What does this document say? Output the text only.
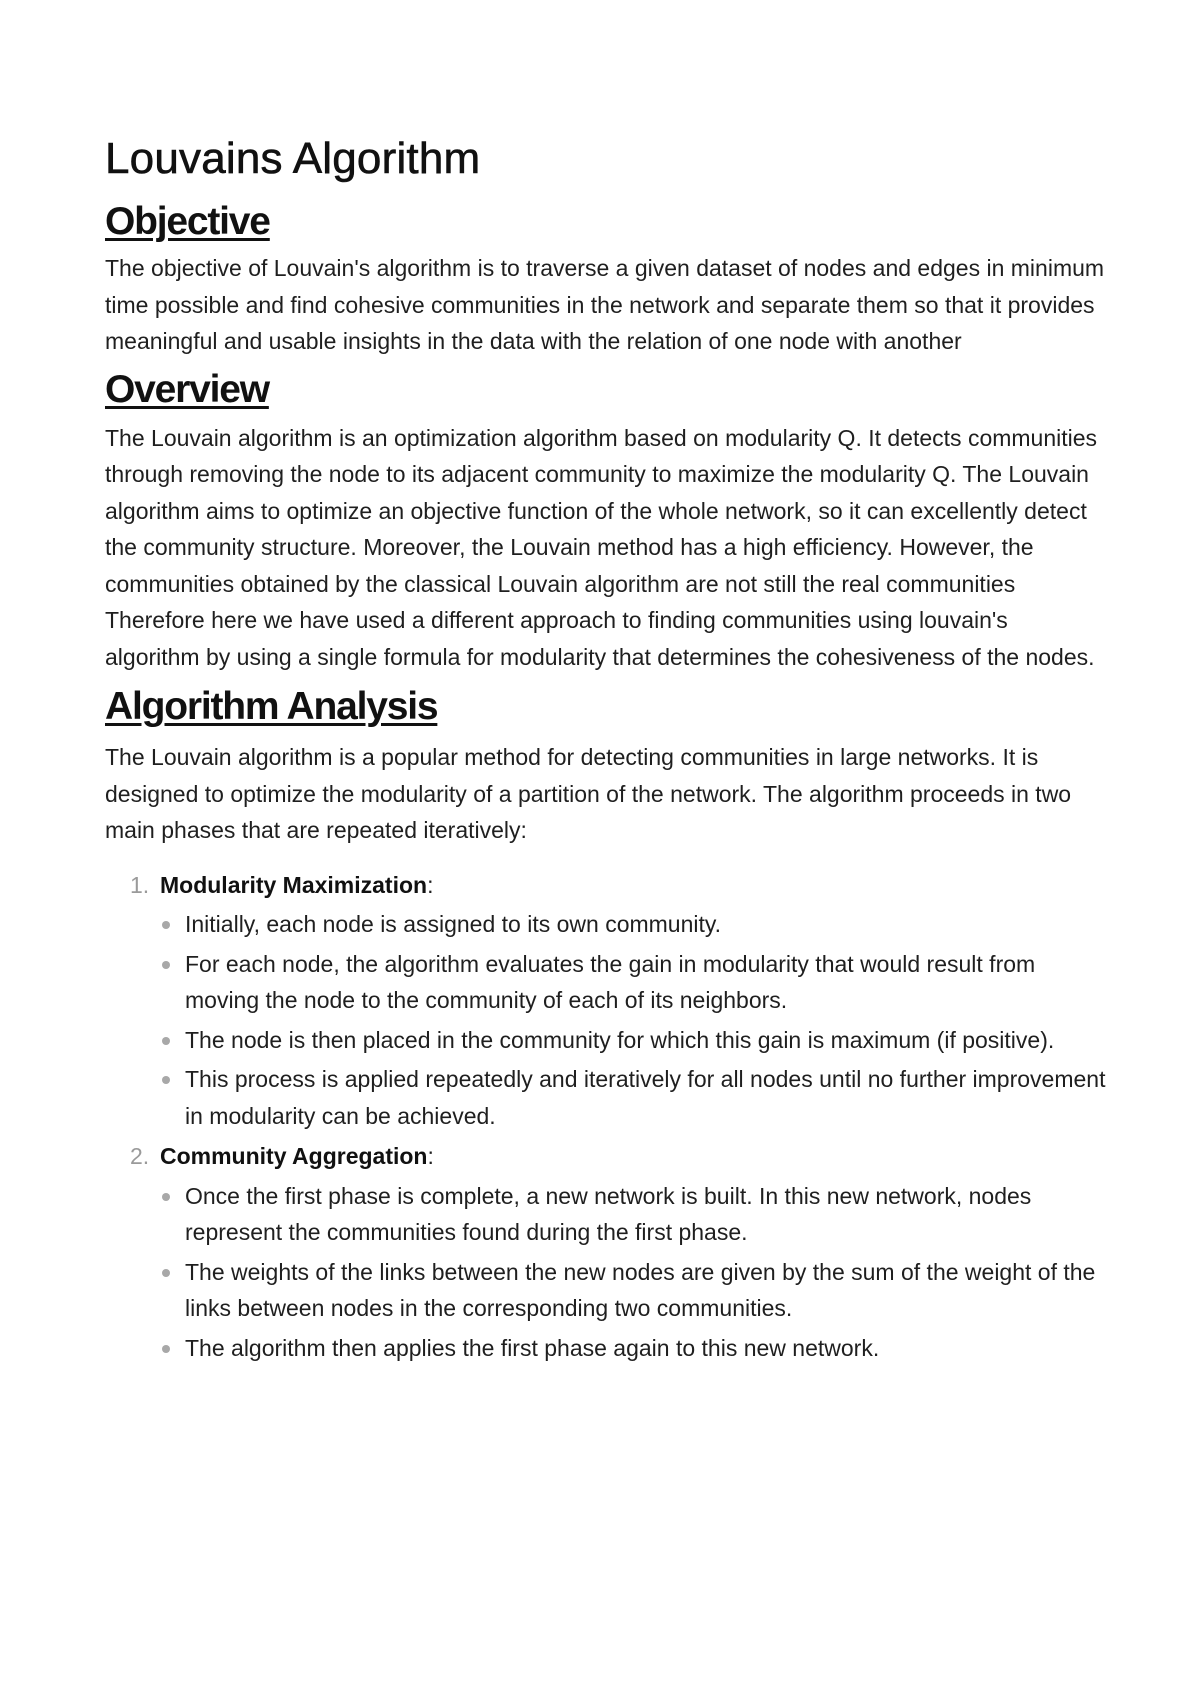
Louvains Algorithm
Objective

The objective of Louvain's algorithm is to traverse a given dataset of nodes and edges in minimum time possible and find cohesive communities in the network and separate them so that it provides meaningful and usable insights in the data with the relation of one node with another

Overview

The Louvain algorithm is an optimization algorithm based on modularity Q. It detects communities through removing the node to its adjacent community to maximize the modularity Q. The Louvain algorithm aims to optimize an objective function of the whole network, so it can excellently detect the community structure. Moreover, the Louvain method has a high efficiency. However, the communities obtained by the classical Louvain algorithm are not still the real communities Therefore here we have used a different approach to finding communities using louvain's algorithm by using a single formula for modularity that determines the cohesiveness of the nodes.

Algorithm Analysis

The Louvain algorithm is a popular method for detecting communities in large networks. It is designed to optimize the modularity of a partition of the network. The algorithm proceeds in two main phases that are repeated iteratively:

1. Modularity Maximization :
Initially, each node is assigned to its own community.
For each node, the algorithm evaluates the gain in modularity that would result from moving the node to the community of each of its neighbors.
The node is then placed in the community for which this gain is maximum (if positive).
This process is applied repeatedly and iteratively for all nodes until no further improvement in modularity can be achieved.
2. Community Aggregation :
Once the first phase is complete, a new network is built. In this new network, nodes represent the communities found during the first phase.
The weights of the links between the new nodes are given by the sum of the weight of the links between nodes in the corresponding two communities.
The algorithm then applies the first phase again to this new network.
